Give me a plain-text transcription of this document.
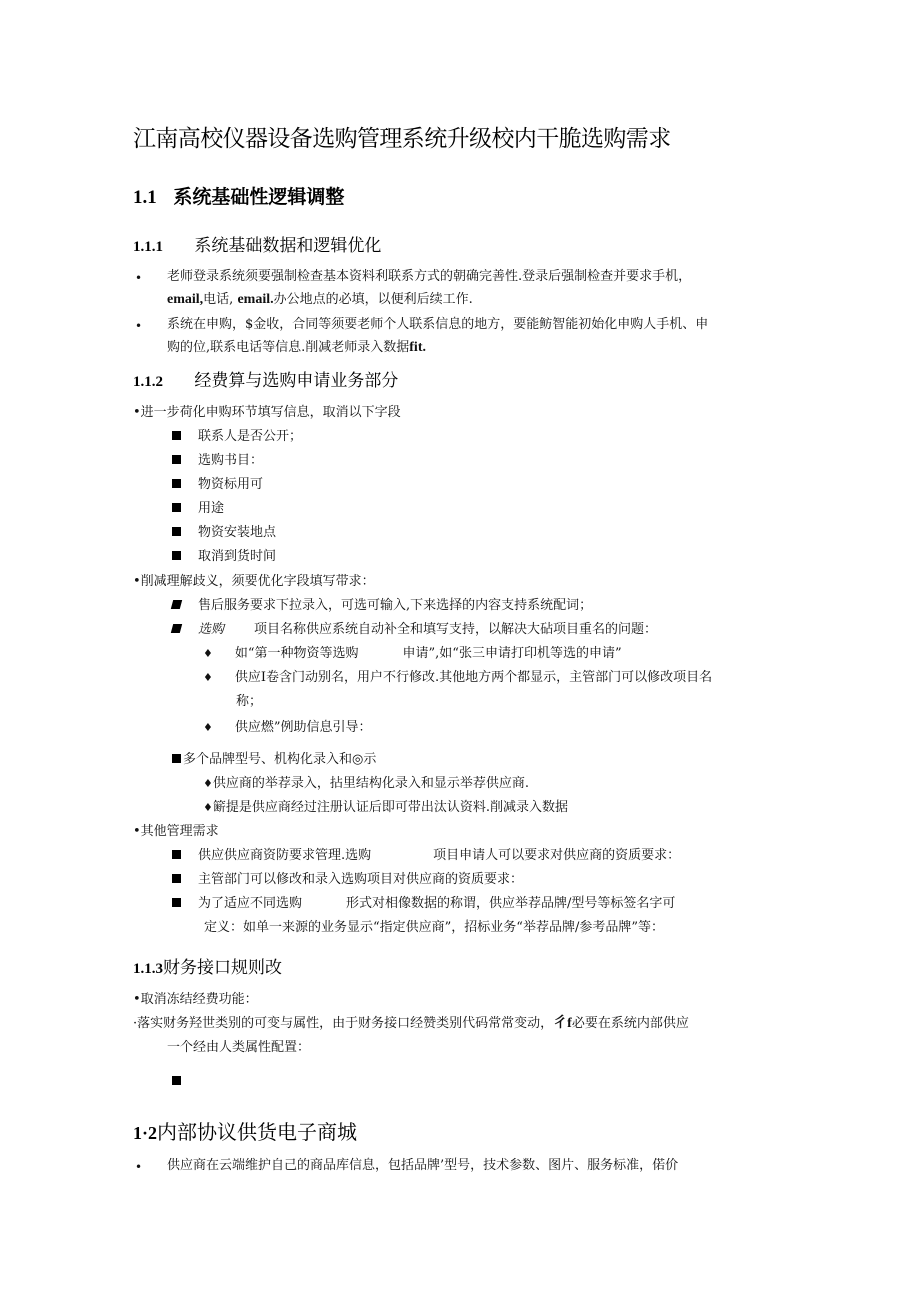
江南高校仪器设备选购管理系统升级校内干脆选购需求
1.1 系统基础性逻辑调整
1.1.1 系统基础数据和逻辑优化
• 老师登录系统须要强制检查基本资料利联系方式的朝确完善性.登录后强制检查并要求手机，
email,电话, email.办公地点的必填，以便利后续工作.
• 系统在申购，$金收，合同等须要老师个人联系信息的地方，要能鲂智能初始化申购人手机、申
购的位,联系电话等信息.削减老师录入数据fit.
1.1.2 经费算与选购申请业务部分
•进一步荷化申购环节填写信息，取消以下字段
联系人是否公开；
选购书目：
物资标用可
用途
物资安装地点
取消到货时间
•削减理解歧义，须要优化字段填写带求：
售后服务要求下拉录入，可选可输入,下来选择的内容支持系统配词；
选购 项目名称供应系统自动补全和填写支持，以解决大砧项目重名的问题：
♦ 如“第一种物资等选购	申请”,如“张三申请打印机等选的申请”
♦ 供应I卷含门动别名，用户不行修改.其他地方两个都显示，主管部门可以修改项目名
称；
♦ 供应燃”例助信息引导：
多个品牌型号、机构化录入和◎示
♦供应商的举荐录入，拈里结构化录入和显示举荐供应商.
♦簖提是供应商经过注册认证后即可带出汰认资料.削减录入数据
•其他管理需求
供应供应商资防要求管理.选购	项目申请人可以要求对供应商的资质要求：
主管部门可以修改和录入选购项目对供应商的资质要求：
为了适应不同选购	形式对相像数据的称谓，供应举荐品牌/型号等标签名字可
定义：如单一来源的业务显示“指定供应商”，招标业务“举荐品牌/参考品牌”等：
1.1.3财务接口规则改
•取消冻结经费功能：
·落实财务羟世类别的可变与属性，由于财务接口经赞类别代码常常变动，彳f必要在系统内部供应
一个经由人类属性配置：
1·2内部协议供货电子商城
• 供应商在云端维护自己的商品库信息，包括品牌’型号，技术参数、图片、服务标准，偌价
